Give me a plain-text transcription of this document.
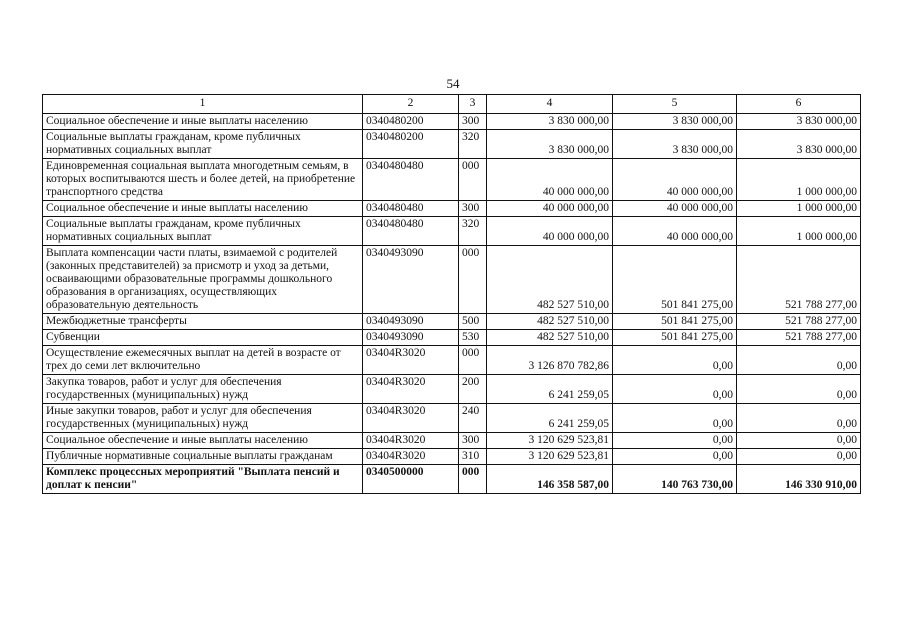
54
1	2	3	4	5	6
Социальное обеспечение и иные выплаты населению	0340480200	300	3 830 000,00	3 830 000,00	3 830 000,00
Социальные выплаты гражданам, кроме публичных нормативных социальных выплат	0340480200	320	3 830 000,00	3 830 000,00	3 830 000,00
Единовременная социальная выплата многодетным семьям, в которых воспитываются шесть и более детей, на приобретение транспортного средства	0340480480	000	40 000 000,00	40 000 000,00	1 000 000,00
Социальное обеспечение и иные выплаты населению	0340480480	300	40 000 000,00	40 000 000,00	1 000 000,00
Социальные выплаты гражданам, кроме публичных нормативных социальных выплат	0340480480	320	40 000 000,00	40 000 000,00	1 000 000,00
Выплата компенсации части платы, взимаемой с родителей (законных представителей) за присмотр и уход за детьми, осваивающими образовательные программы дошкольного образования в организациях, осуществляющих образовательную деятельность	0340493090	000	482 527 510,00	501 841 275,00	521 788 277,00
Межбюджетные трансферты	0340493090	500	482 527 510,00	501 841 275,00	521 788 277,00
Субвенции	0340493090	530	482 527 510,00	501 841 275,00	521 788 277,00
Осуществление ежемесячных выплат на детей в возрасте от трех до семи лет включительно	03404R3020	000	3 126 870 782,86	0,00	0,00
Закупка товаров, работ и услуг для обеспечения государственных (муниципальных) нужд	03404R3020	200	6 241 259,05	0,00	0,00
Иные закупки товаров, работ и услуг для обеспечения государственных (муниципальных) нужд	03404R3020	240	6 241 259,05	0,00	0,00
Социальное обеспечение и иные выплаты населению	03404R3020	300	3 120 629 523,81	0,00	0,00
Публичные нормативные социальные выплаты гражданам	03404R3020	310	3 120 629 523,81	0,00	0,00
Комплекс процессных мероприятий "Выплата пенсий и доплат к пенсии"	0340500000	000	146 358 587,00	140 763 730,00	146 330 910,00
